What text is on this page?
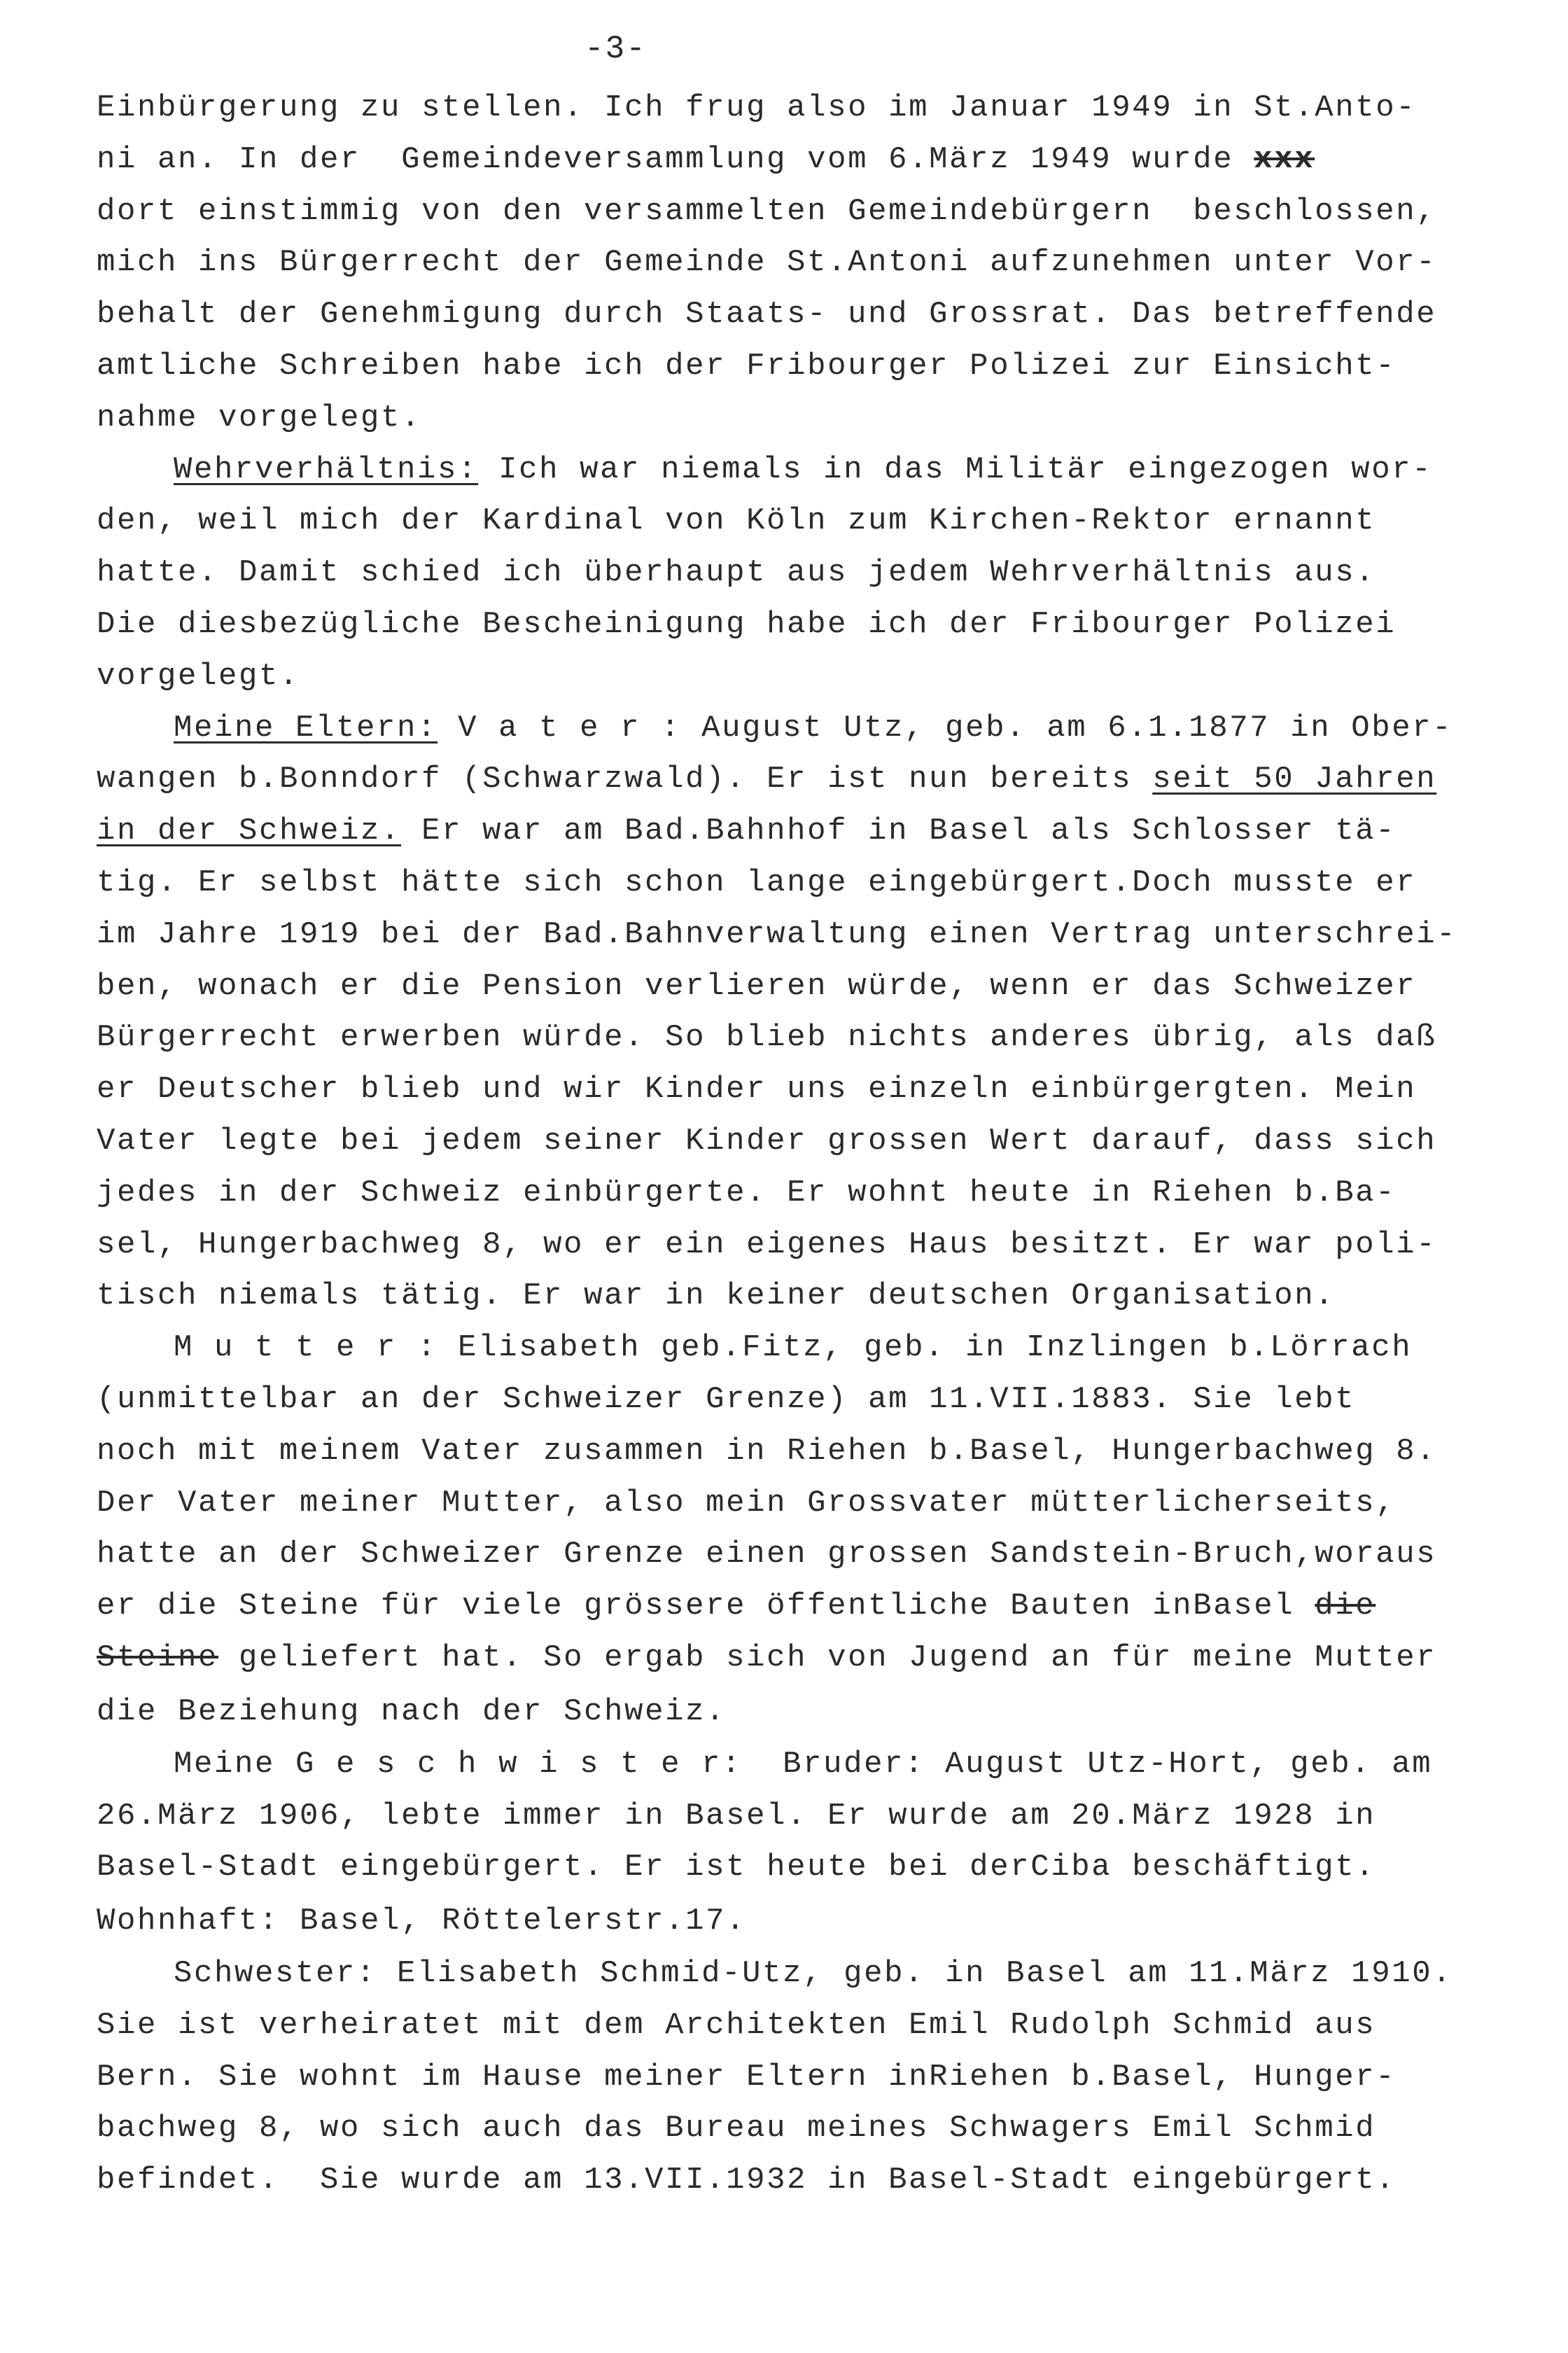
-3-
Einbürgerung zu stellen. Ich frug also im Januar 1949 in St.Anto-
ni an. In der  Gemeindeversammlung vom 6.März 1949 wurde xxx
dort einstimmig von den versammelten Gemeindebürgern  beschlossen,
mich ins Bürgerrecht der Gemeinde St.Antoni aufzunehmen unter Vor-
behalt der Genehmigung durch Staats- und Grossrat. Das betreffende
amtliche Schreiben habe ich der Fribourger Polizei zur Einsicht-
nahme vorgelegt.
Wehrverhältnis: Ich war niemals in das Militär eingezogen wor-
den, weil mich der Kardinal von Köln zum Kirchen-Rektor ernannt
hatte. Damit schied ich überhaupt aus jedem Wehrverhältnis aus.
Die diesbezügliche Bescheinigung habe ich der Fribourger Polizei
vorgelegt.
Meine Eltern: V a t e r : August Utz, geb. am 6.1.1877 in Ober-
wangen b.Bonndorf (Schwarzwald). Er ist nun bereits seit 50 Jahren
in der Schweiz. Er war am Bad.Bahnhof in Basel als Schlosser tä-
tig. Er selbst hätte sich schon lange eingebürgert.Doch musste er
im Jahre 1919 bei der Bad.Bahnverwaltung einen Vertrag unterschrei-
ben, wonach er die Pension verlieren würde, wenn er das Schweizer
Bürgerrecht erwerben würde. So blieb nichts anderes übrig, als daß
er Deutscher blieb und wir Kinder uns einzeln einbürgergten. Mein
Vater legte bei jedem seiner Kinder grossen Wert darauf, dass sich
jedes in der Schweiz einbürgerte. Er wohnt heute in Riehen b.Ba-
sel, Hungerbachweg 8, wo er ein eigenes Haus besitzt. Er war poli-
tisch niemals tätig. Er war in keiner deutschen Organisation.
M u t t e r : Elisabeth geb.Fitz, geb. in Inzlingen b.Lörrach
(unmittelbar an der Schweizer Grenze) am 11.VII.1883. Sie lebt
noch mit meinem Vater zusammen in Riehen b.Basel, Hungerbachweg 8.
Der Vater meiner Mutter, also mein Grossvater mütterlicherseits,
hatte an der Schweizer Grenze einen grossen Sandstein-Bruch,woraus
er die Steine für viele grössere öffentliche Bauten inBasel die
Steine geliefert hat. So ergab sich von Jugend an für meine Mutter
die Beziehung nach der Schweiz.
Meine G e s c h w i s t e r:  Bruder: August Utz-Hort, geb. am
26.März 1906, lebte immer in Basel. Er wurde am 20.März 1928 in
Basel-Stadt eingebürgert. Er ist heute bei derCiba beschäftigt.
Wohnhaft: Basel, Röttelerstr.17.
Schwester: Elisabeth Schmid-Utz, geb. in Basel am 11.März 1910.
Sie ist verheiratet mit dem Architekten Emil Rudolph Schmid aus
Bern. Sie wohnt im Hause meiner Eltern inRiehen b.Basel, Hunger-
bachweg 8, wo sich auch das Bureau meines Schwagers Emil Schmid
befindet.  Sie wurde am 13.VII.1932 in Basel-Stadt eingebürgert.
